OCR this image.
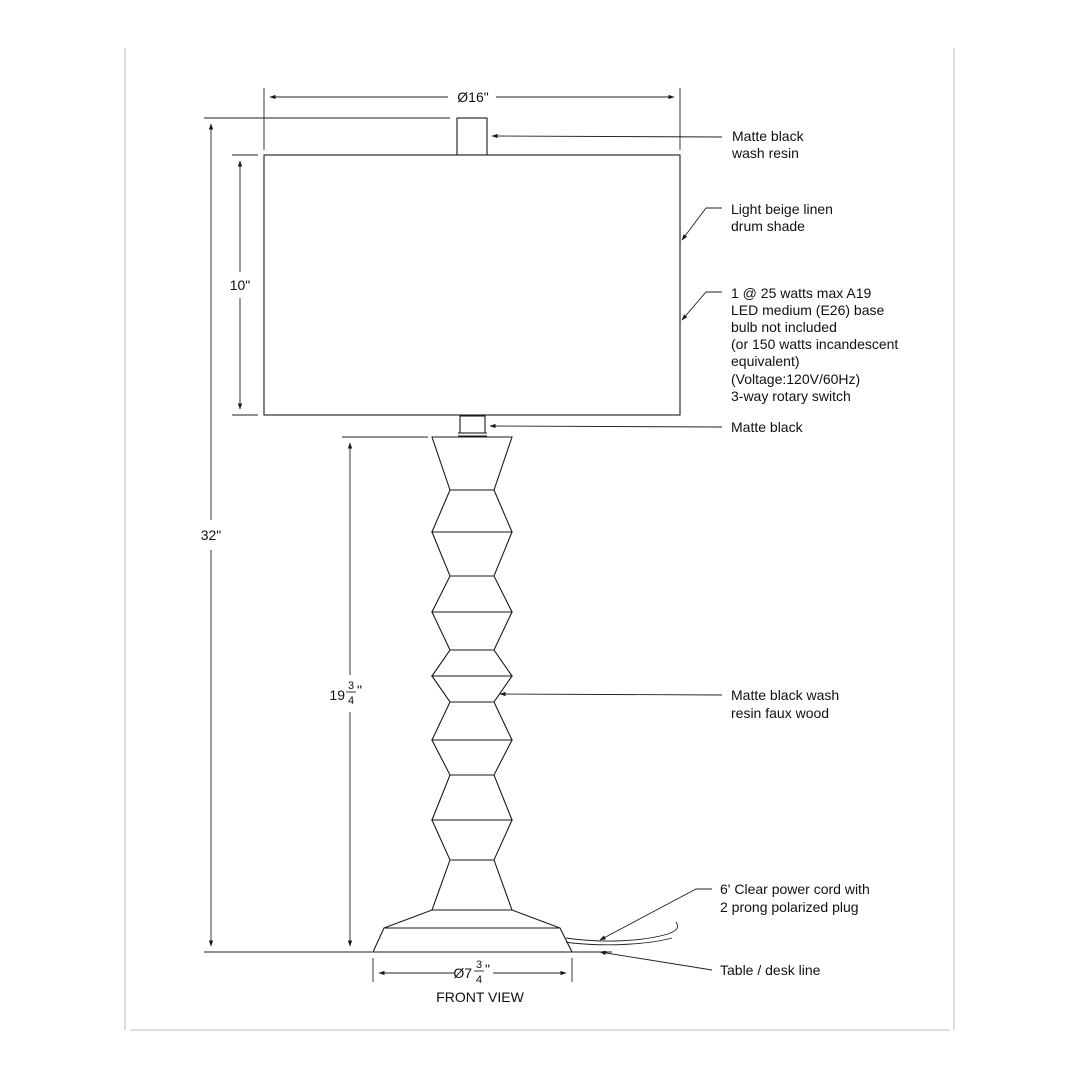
Ø16"
32"
10"
19
3
4
"
Ø7 3
4
"
FRONT VIEW
Matte black
wash resin
Light beige linen
drum shade
1 @ 25 watts max A19
LED medium (E26) base
bulb not included
(or 150 watts incandescent
equivalent)
(Voltage:120V/60Hz)
3-way rotary switch
Matte black
Matte black wash
resin faux wood
6' Clear power cord with
2 prong polarized plug
Table / desk line
